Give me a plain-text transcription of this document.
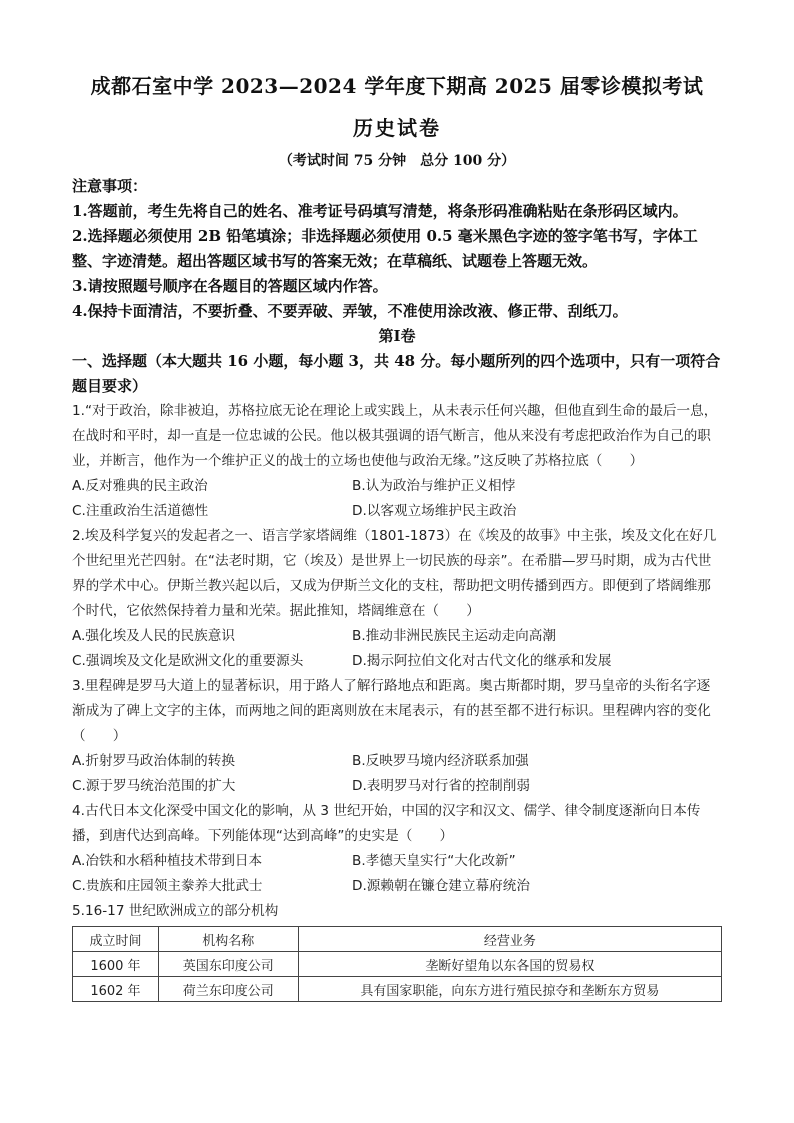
成都石室中学 2023—2024 学年度下期高 2025 届零诊模拟考试
历史试卷
（考试时间 75 分钟　总分 100 分）
注意事项：
1.答题前，考生先将自己的姓名、准考证号码填写清楚，将条形码准确粘贴在条形码区域内。
2.选择题必须使用 2B 铅笔填涂；非选择题必须使用 0.5 毫米黑色字迹的签字笔书写，字体工整、字迹清楚。超出答题区域书写的答案无效；在草稿纸、试题卷上答题无效。
3.请按照题号顺序在各题目的答题区域内作答。
4.保持卡面清洁，不要折叠、不要弄破、弄皱，不准使用涂改液、修正带、刮纸刀。
第Ⅰ卷
一、选择题（本大题共 16 小题，每小题 3，共 48 分。每小题所列的四个选项中，只有一项符合题目要求）
1.“对于政治，除非被迫，苏格拉底无论在理论上或实践上，从未表示任何兴趣，但他直到生命的最后一息，在战时和平时，却一直是一位忠诚的公民。他以极其强调的语气断言，他从来没有考虑把政治作为自己的职业，并断言，他作为一个维护正义的战士的立场也使他与政治无缘。”这反映了苏格拉底（　　）
A.反对雅典的民主政治	B.认为政治与维护正义相悖
C.注重政治生活道德性	D.以客观立场维护民主政治
2.埃及科学复兴的发起者之一、语言学家塔阔维（1801-1873）在《埃及的故事》中主张，埃及文化在好几个世纪里光芒四射。在“法老时期，它（埃及）是世界上一切民族的母亲”。在希腊—罗马时期，成为古代世界的学术中心。伊斯兰教兴起以后，又成为伊斯兰文化的支柱，帮助把文明传播到西方。即便到了塔阔维那个时代，它依然保持着力量和光荣。据此推知，塔阔维意在（　　）
A.强化埃及人民的民族意识	B.推动非洲民族民主运动走向高潮
C.强调埃及文化是欧洲文化的重要源头	D.揭示阿拉伯文化对古代文化的继承和发展
3.里程碑是罗马大道上的显著标识，用于路人了解行路地点和距离。奥古斯都时期，罗马皇帝的头衔名字逐渐成为了碑上文字的主体，而两地之间的距离则放在末尾表示，有的甚至都不进行标识。里程碑内容的变化（　　）
A.折射罗马政治体制的转换	B.反映罗马境内经济联系加强
C.源于罗马统治范围的扩大	D.表明罗马对行省的控制削弱
4.古代日本文化深受中国文化的影响，从 3 世纪开始，中国的汉字和汉文、儒学、律令制度逐渐向日本传播，到唐代达到高峰。下列能体现“达到高峰”的史实是（　　）
A.冶铁和水稻种植技术带到日本	B.孝德天皇实行“大化改新”
C.贵族和庄园领主豢养大批武士	D.源赖朝在镰仓建立幕府统治
5.16-17 世纪欧洲成立的部分机构
成立时间	机构名称	经营业务
1600 年	英国东印度公司	垄断好望角以东各国的贸易权
1602 年	荷兰东印度公司	具有国家职能，向东方进行殖民掠夺和垄断东方贸易
